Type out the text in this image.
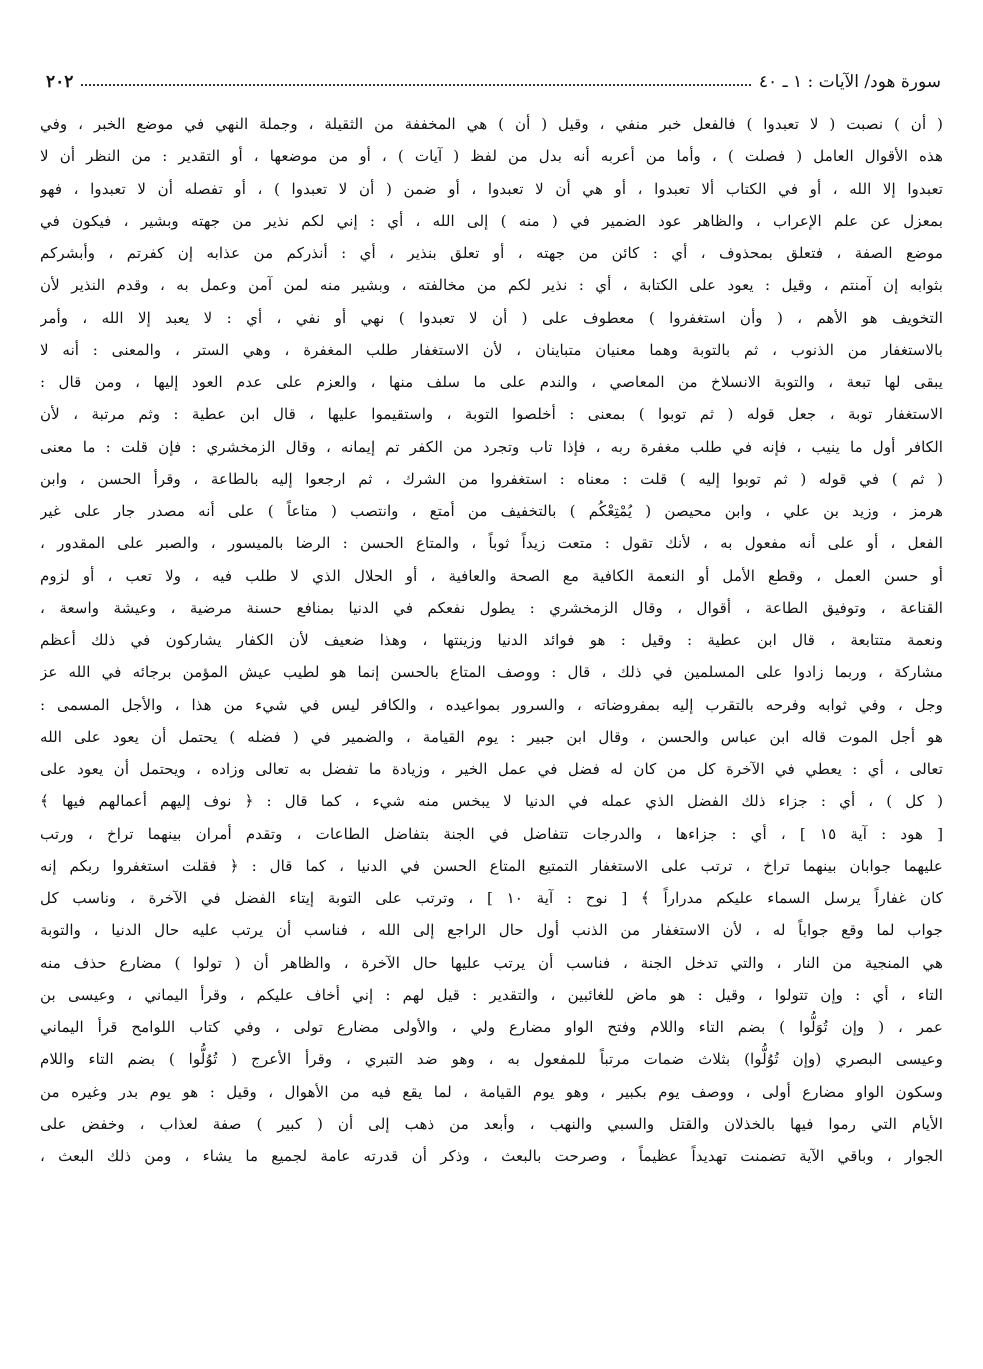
٢٠٢	سورة هود/ الآيات : ١ ـ ٤٠
( أن ) نصبت ( لا تعبدوا ) فالفعل خبر منفي ، وقيل ( أن ) هي المخففة من الثقيلة ، وجملة النهي في موضع الخبر ، وفي
هذه الأقوال العامل ( فصلت ) ، وأما من أعربه أنه بدل من لفظ ( آيات ) ، أو من موضعها ، أو التقدير : من النظر أن لا
تعبدوا إلا الله ، أو في الكتاب ألا تعبدوا ، أو هي أن لا تعبدوا ، أو ضمن ( أن لا تعبدوا ) ، أو تفصله أن لا تعبدوا ، فهو
بمعزل عن علم الإعراب ، والظاهر عود الضمير في ( منه ) إلى الله ، أي : إني لكم نذير من جهته وبشير ، فيكون في
موضع الصفة ، فتعلق بمحذوف ، أي : كائن من جهته ، أو تعلق بنذير ، أي : أنذركم من عذابه إن كفرتم ، وأبشركم
بثوابه إن آمنتم ، وقيل : يعود على الكتابة ، أي : نذير لكم من مخالفته ، وبشير منه لمن آمن وعمل به ، وقدم النذير لأن
التخويف هو الأهم ، ( وأن استغفروا ) معطوف على ( أن لا تعبدوا ) نهي أو نفي ، أي : لا يعبد إلا الله ، وأمر
بالاستغفار من الذنوب ، ثم بالتوبة وهما معنيان متباينان ، لأن الاستغفار طلب المغفرة ، وهي الستر ، والمعنى : أنه لا
يبقى لها تبعة ، والتوبة الانسلاخ من المعاصي ، والندم على ما سلف منها ، والعزم على عدم العود إليها ، ومن قال :
الاستغفار توبة ، جعل قوله ( ثم توبوا ) بمعنى : أخلصوا التوبة ، واستقيموا عليها ، قال ابن عطية : وثم مرتبة ، لأن
الكافر أول ما ينيب ، فإنه في طلب مغفرة ربه ، فإذا تاب وتجرد من الكفر تم إيمانه ، وقال الزمخشري : فإن قلت : ما معنى
( ثم ) في قوله ( ثم توبوا إليه ) قلت : معناه : استغفروا من الشرك ، ثم ارجعوا إليه بالطاعة ، وقرأ الحسن ، وابن
هرمز ، وزيد بن علي ، وابن محيصن ( يُمْتِعْكُم ) بالتخفيف من أمتع ، وانتصب ( متاعاً ) على أنه مصدر جار على غير
الفعل ، أو على أنه مفعول به ، لأنك تقول : متعت زيداً ثوباً ، والمتاع الحسن : الرضا بالميسور ، والصبر على المقدور ،
أو حسن العمل ، وقطع الأمل أو النعمة الكافية مع الصحة والعافية ، أو الحلال الذي لا طلب فيه ، ولا تعب ، أو لزوم
القناعة ، وتوفيق الطاعة ، أقوال ، وقال الزمخشري : يطول نفعكم في الدنيا بمنافع حسنة مرضية ، وعيشة واسعة ،
ونعمة متتابعة ، قال ابن عطية : وقيل : هو فوائد الدنيا وزينتها ، وهذا ضعيف لأن الكفار يشاركون في ذلك أعظم
مشاركة ، وربما زادوا على المسلمين في ذلك ، قال : ووصف المتاع بالحسن إنما هو لطيب عيش المؤمن برجائه في الله عز
وجل ، وفي ثوابه وفرحه بالتقرب إليه بمفروضاته ، والسرور بمواعيده ، والكافر ليس في شيء من هذا ، والأجل المسمى :
هو أجل الموت قاله ابن عباس والحسن ، وقال ابن جبير : يوم القيامة ، والضمير في ( فضله ) يحتمل أن يعود على الله
تعالى ، أي : يعطي في الآخرة كل من كان له فضل في عمل الخير ، وزيادة ما تفضل به تعالى وزاده ، ويحتمل أن يعود على
( كل ) ، أي : جزاء ذلك الفضل الذي عمله في الدنيا لا يبخس منه شيء ، كما قال : ﴿ نوف إليهم أعمالهم فيها ﴾
[ هود : آية ١٥ ] ، أي : جزاءها ، والدرجات تتفاضل في الجنة بتفاضل الطاعات ، وتقدم أمران بينهما تراخ ، ورتب
عليهما جوابان بينهما تراخ ، ترتب على الاستغفار التمتيع المتاع الحسن في الدنيا ، كما قال : ﴿ فقلت استغفروا ربكم إنه
كان غفاراً يرسل السماء عليكم مدراراً ﴾ [ نوح : آية ١٠ ] ، وترتب على التوبة إيتاء الفضل في الآخرة ، وناسب كل
جواب لما وقع جواباً له ، لأن الاستغفار من الذنب أول حال الراجع إلى الله ، فناسب أن يرتب عليه حال الدنيا ، والتوبة
هي المنجية من النار ، والتي تدخل الجنة ، فناسب أن يرتب عليها حال الآخرة ، والظاهر أن ( تولوا ) مضارع حذف منه
التاء ، أي : وإن تتولوا ، وقيل : هو ماض للغائبين ، والتقدير : قيل لهم : إني أخاف عليكم ، وقرأ اليماني ، وعيسى بن
عمر ، ( وإن تُوَلُّوا ) بضم التاء واللام وفتح الواو مضارع ولي ، والأولى مضارع تولى ، وفي كتاب اللوامح قرأ اليماني
وعيسى البصري (وإن تُوُلُّوا) بثلاث ضمات مرتباً للمفعول به ، وهو ضد التبري ، وقرأ الأعرج ( تُوُلُّوا ) بضم التاء واللام
وسكون الواو مضارع أولى ، ووصف يوم بكبير ، وهو يوم القيامة ، لما يقع فيه من الأهوال ، وقيل : هو يوم بدر وغيره من
الأيام التي رموا فيها بالخذلان والقتل والسبي والنهب ، وأبعد من ذهب إلى أن ( كبير ) صفة لعذاب ، وخفض على
الجوار ، وباقي الآية تضمنت تهديداً عظيماً ، وصرحت بالبعث ، وذكر أن قدرته عامة لجميع ما يشاء ، ومن ذلك البعث ،
